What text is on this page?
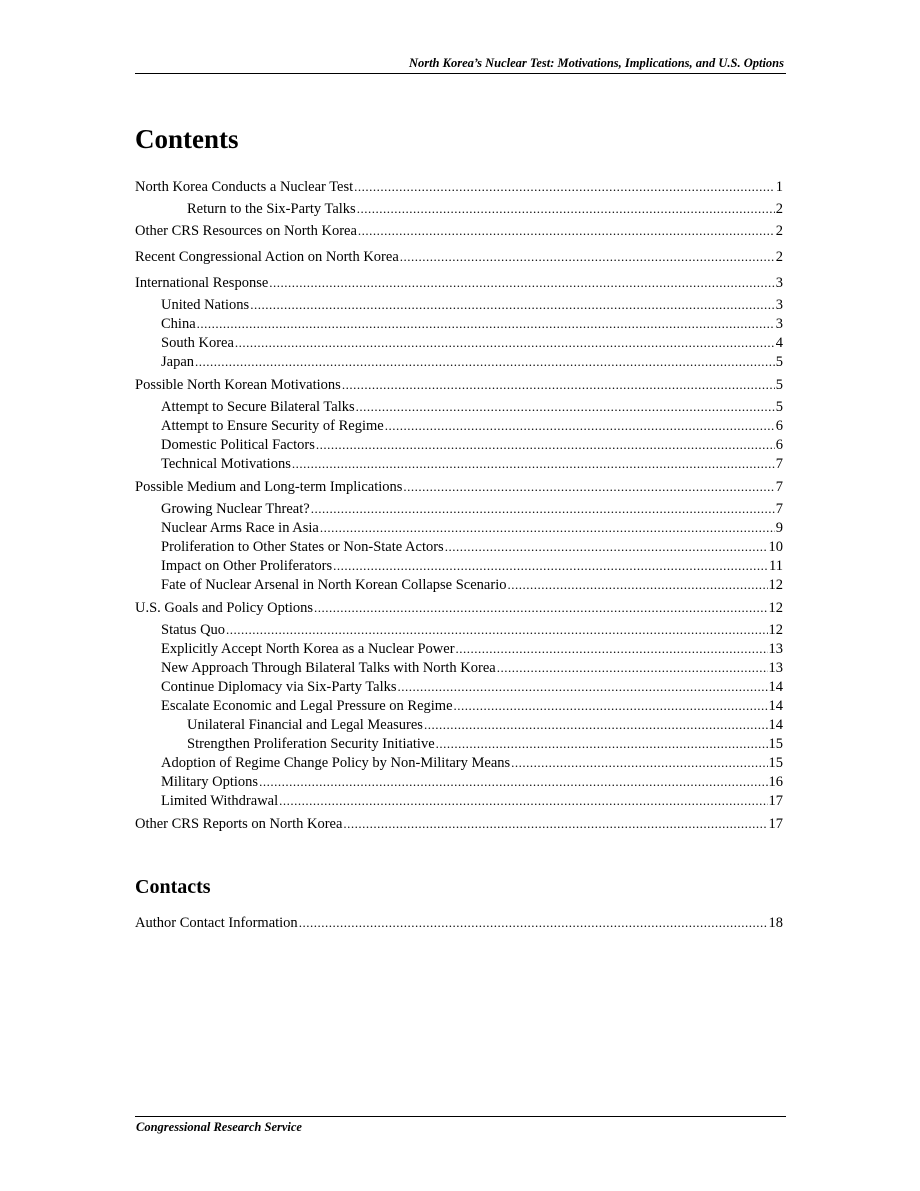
North Korea’s Nuclear Test: Motivations, Implications, and U.S. Options
Contents
North Korea Conducts a Nuclear Test .....	1
Return to the Six-Party Talks .....	2
Other CRS Resources on North Korea .....	2
Recent Congressional Action on North Korea .....	2
International Response .....	3
United Nations .....	3
China .....	3
South Korea .....	4
Japan .....	5
Possible North Korean Motivations .....	5
Attempt to Secure Bilateral Talks .....	5
Attempt to Ensure Security of Regime .....	6
Domestic Political Factors .....	6
Technical Motivations .....	7
Possible Medium and Long-term Implications .....	7
Growing Nuclear Threat? .....	7
Nuclear Arms Race in Asia .....	9
Proliferation to Other States or Non-State Actors .....	10
Impact on Other Proliferators .....	11
Fate of Nuclear Arsenal in North Korean Collapse Scenario .....	12
U.S. Goals and Policy Options .....	12
Status Quo .....	12
Explicitly Accept North Korea as a Nuclear Power .....	13
New Approach Through Bilateral Talks with North Korea .....	13
Continue Diplomacy via Six-Party Talks .....	14
Escalate Economic and Legal Pressure on Regime .....	14
Unilateral Financial and Legal Measures .....	14
Strengthen Proliferation Security Initiative .....	15
Adoption of Regime Change Policy by Non-Military Means .....	15
Military Options .....	16
Limited Withdrawal .....	17
Other CRS Reports on North Korea .....	17
Contacts
Author Contact Information .....	18
Congressional Research Service
